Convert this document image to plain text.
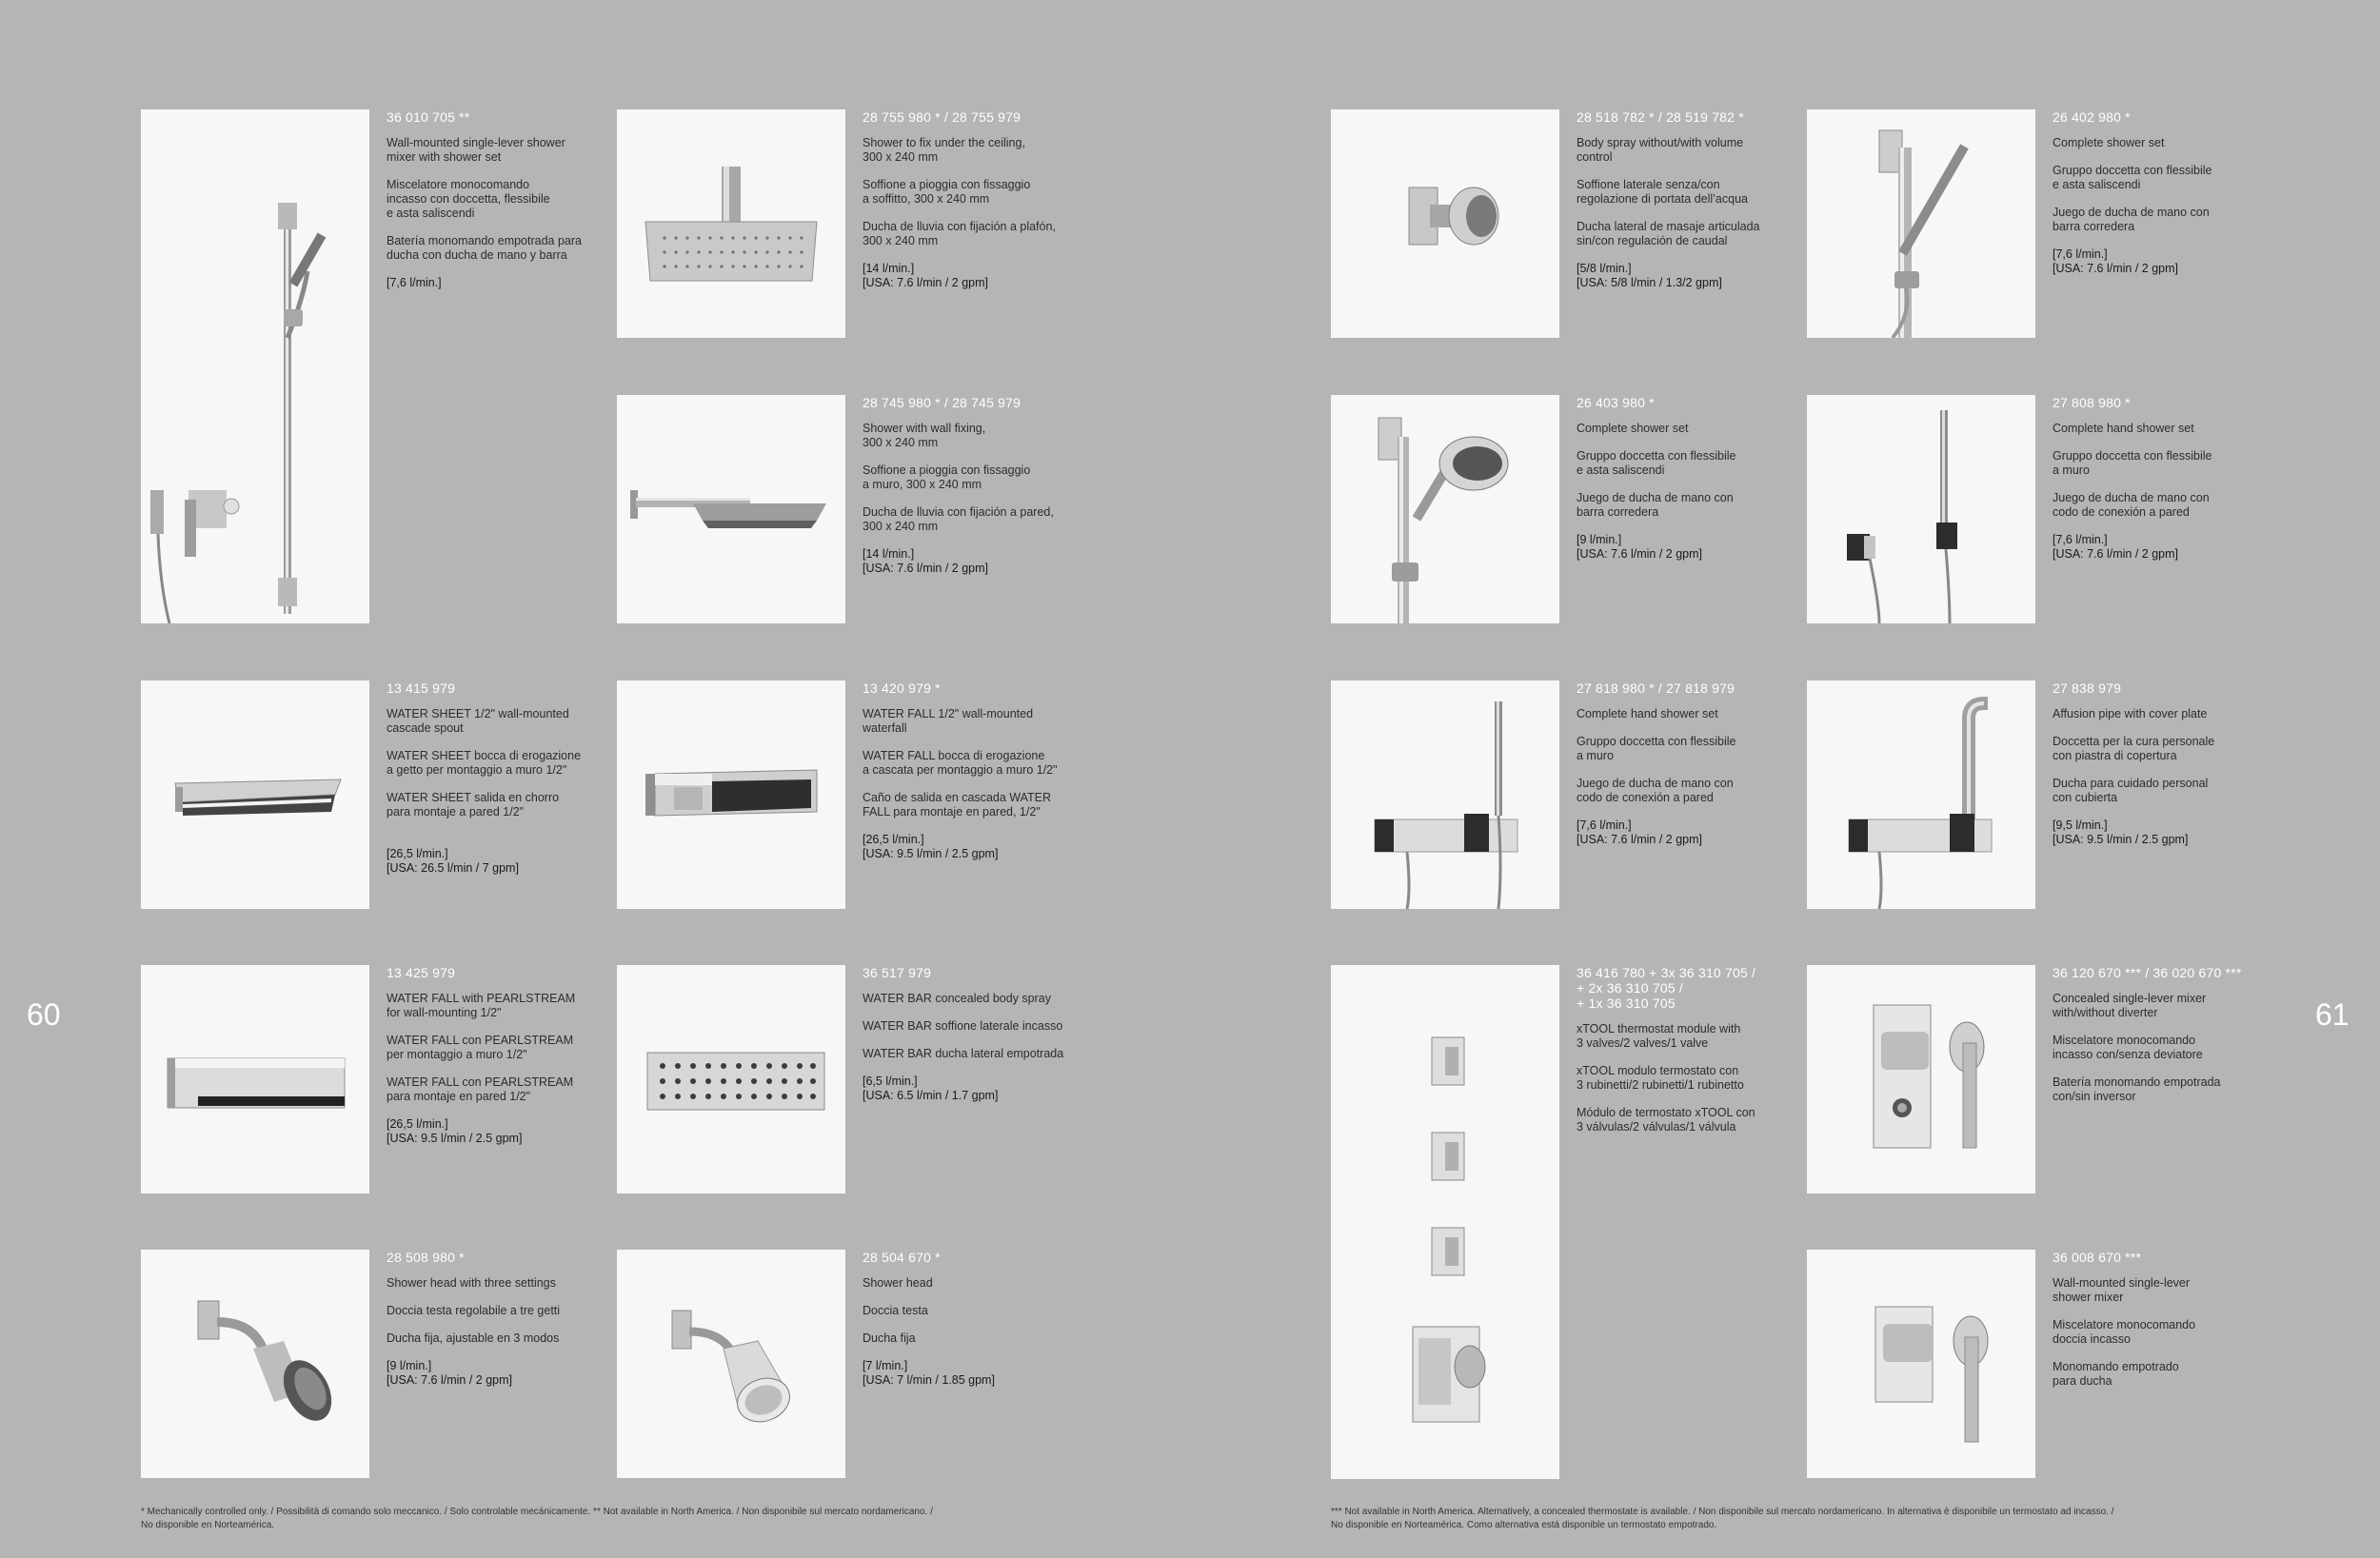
60	61
36 010 705 **
Wall-mounted single-lever shower
mixer with shower set
Miscelatore monocomando
incasso con doccetta, flessibile
e asta saliscendi
Batería monomando empotrada para
ducha con ducha de mano y barra
[7,6 l/min.]
28 755 980 * / 28 755 979
Shower to fix under the ceiling,
300 x 240 mm
Soffione a pioggia con fissaggio
a soffitto, 300 x 240 mm
Ducha de lluvia con fijación a plafón,
300 x 240 mm
[14 l/min.]
[USA: 7.6 l/min / 2 gpm]
28 745 980 * / 28 745 979
Shower with wall fixing,
300 x 240 mm
Soffione a pioggia con fissaggio
a muro, 300 x 240 mm
Ducha de lluvia con fijación a pared,
300 x 240 mm
[14 l/min.]
[USA: 7.6 l/min / 2 gpm]
13 415 979
WATER SHEET 1/2" wall-mounted
cascade spout
WATER SHEET bocca di erogazione
a getto per montaggio a muro 1/2"
WATER SHEET salida en chorro
para montaje a pared 1/2"

[26,5 l/min.]
[USA: 26.5 l/min / 7 gpm]
13 420 979 *
WATER FALL 1/2" wall-mounted
waterfall
WATER FALL bocca di erogazione
a cascata per montaggio a muro 1/2"
Caño de salida en cascada WATER
FALL para montaje en pared, 1/2"
[26,5 l/min.]
[USA: 9.5 l/min / 2.5 gpm]
13 425 979
WATER FALL with PEARLSTREAM
for wall-mounting 1/2"
WATER FALL con PEARLSTREAM
per montaggio a muro 1/2"
WATER FALL con PEARLSTREAM
para montaje en pared 1/2"
[26,5 l/min.]
[USA: 9.5 l/min / 2.5 gpm]
36 517 979
WATER BAR concealed body spray
WATER BAR soffione laterale incasso
WATER BAR ducha lateral empotrada
[6,5 l/min.]
[USA: 6.5 l/min / 1.7 gpm]
28 508 980 *
Shower head with three settings
Doccia testa regolabile a tre getti
Ducha fija, ajustable en 3 modos
[9 l/min.]
[USA: 7.6 l/min / 2 gpm]
28 504 670 *
Shower head
Doccia testa
Ducha fija
[7 l/min.]
[USA: 7 l/min / 1.85 gpm]
28 518 782 * / 28 519 782 *
Body spray without/with volume
control
Soffione laterale senza/con
regolazione di portata dell’acqua
Ducha lateral de masaje articulada
sin/con regulación de caudal
[5/8 l/min.]
[USA: 5/8 l/min / 1.3/2 gpm]
26 402 980 *
Complete shower set
Gruppo doccetta con flessibile
e asta saliscendi
Juego de ducha de mano con
barra corredera
[7,6 l/min.]
[USA: 7.6 l/min / 2 gpm]
26 403 980 *
Complete shower set
Gruppo doccetta con flessibile
e asta saliscendi
Juego de ducha de mano con
barra corredera
[9 l/min.]
[USA: 7.6 l/min / 2 gpm]
27 808 980 *
Complete hand shower set
Gruppo doccetta con flessibile
a muro
Juego de ducha de mano con
codo de conexión a pared
[7,6 l/min.]
[USA: 7.6 l/min / 2 gpm]
27 818 980 * / 27 818 979
Complete hand shower set
Gruppo doccetta con flessibile
a muro
Juego de ducha de mano con
codo de conexión a pared
[7,6 l/min.]
[USA: 7.6 l/min / 2 gpm]
27 838 979
Affusion pipe with cover plate
Doccetta per la cura personale
con piastra di copertura
Ducha para cuidado personal
con cubierta
[9,5 l/min.]
[USA: 9.5 l/min / 2.5 gpm]
36 416 780 + 3x 36 310 705 /
+ 2x 36 310 705 /
+ 1x 36 310 705
xTOOL thermostat module with
3 valves/2 valves/1 valve
xTOOL modulo termostato con
3 rubinetti/2 rubinetti/1 rubinetto
Módulo de termostato xTOOL con
3 válvulas/2 válvulas/1 válvula
36 120 670 *** / 36 020 670 ***
Concealed single-lever mixer
with/without diverter
Miscelatore monocomando
incasso con/senza deviatore
Batería monomando empotrada
con/sin inversor
36 008 670 ***
Wall-mounted single-lever
shower mixer
Miscelatore monocomando
doccia incasso
Monomando empotrado
para ducha
* Mechanically controlled only. / Possibilità di comando solo meccanico. / Solo controlable mecánicamente. ** Not available in North America. / Non disponibile sul mercato nordamericano. /
No disponible en Norteamérica.
*** Not available in North America. Alternatively, a concealed thermostate is available. / Non disponibile sul mercato nordamericano. In alternativa è disponibile un termostato ad incasso. /
No disponible en Norteamérica. Como alternativa está disponible un termostato empotrado.
